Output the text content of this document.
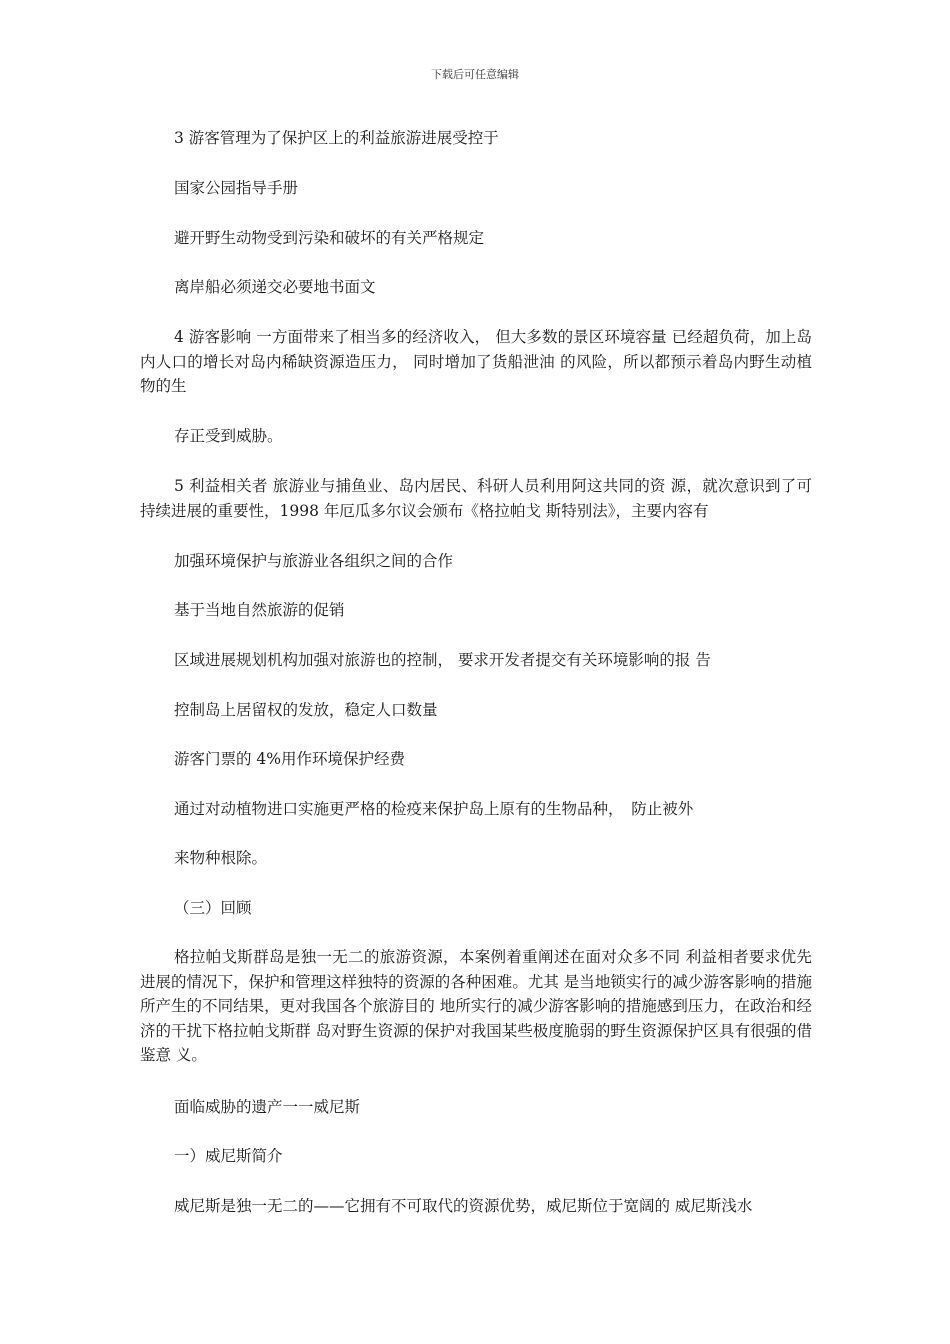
下载后可任意编辑
3 游客管理为了保护区上的利益旅游进展受控于
国家公园指导手册
避开野生动物受到污染和破坏的有关严格规定
离岸船必须递交必要地书面文
4 游客影响 一方面带来了相当多的经济收入， 但大多数的景区环境容量 已经超负荷，加上岛内人口的增长对岛内稀缺资源造压力， 同时增加了货船泄油 的风险，所以都预示着岛内野生动植物的生
存正受到威胁。
5 利益相关者 旅游业与捕鱼业、岛内居民、科研人员利用阿这共同的资 源，就次意识到了可持续进展的重要性，1998 年厄瓜多尔议会颁布《格拉帕戈 斯特别法》，主要内容有
加强环境保护与旅游业各组织之间的合作
基于当地自然旅游的促销
区域进展规划机构加强对旅游也的控制， 要求开发者提交有关环境影响的报 告
控制岛上居留权的发放，稳定人口数量
游客门票的 4%用作环境保护经费
通过对动植物进口实施更严格的检疫来保护岛上原有的生物品种，　防止被外
来物种根除。
（三）回顾
格拉帕戈斯群岛是独一无二的旅游资源，本案例着重阐述在面对众多不同 利益相者要求优先进展的情况下，保护和管理这样独特的资源的各种困难。尤其 是当地锁实行的减少游客影响的措施所产生的不同结果，更对我国各个旅游目的 地所实行的减少游客影响的措施感到压力，在政治和经济的干扰下格拉帕戈斯群 岛对野生资源的保护对我国某些极度脆弱的野生资源保护区具有很强的借鉴意 义。
面临威胁的遗产一一威尼斯
一）威尼斯简介
威尼斯是独一无二的——它拥有不可取代的资源优势，威尼斯位于宽阔的 威尼斯浅水
